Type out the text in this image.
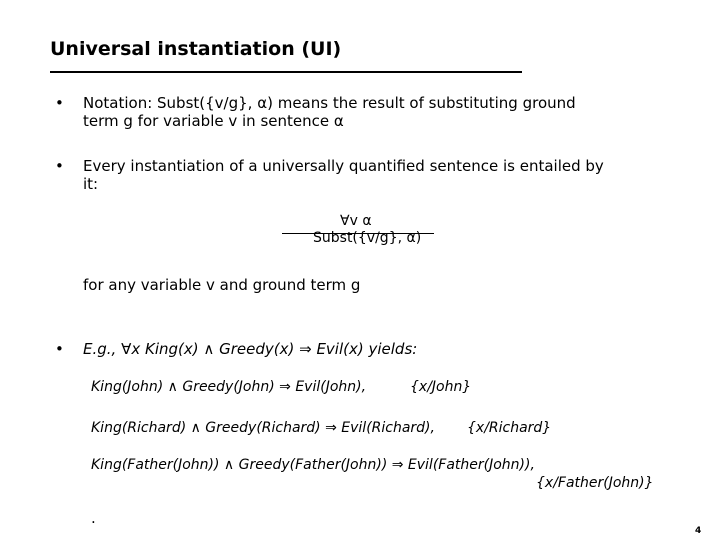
Universal instantiation (UI)
• Notation: Subst({v/g}, α) means the result of substituting ground
term g for variable v in sentence α
• Every instantiation of a universally quantified sentence is entailed by
it:
∀v α
Subst({v/g}, α)
for any variable v and ground term g
• E.g., ∀x King(x) ∧ Greedy(x) ⇒ Evil(x) yields:
King(John) ∧ Greedy(John) ⇒ Evil(John),	{x/John}
King(Richard) ∧ Greedy(Richard) ⇒ Evil(Richard), {x/Richard}
King(Father(John)) ∧ Greedy(Father(John)) ⇒ Evil(Father(John)),
{x/Father(John)}
.
4
